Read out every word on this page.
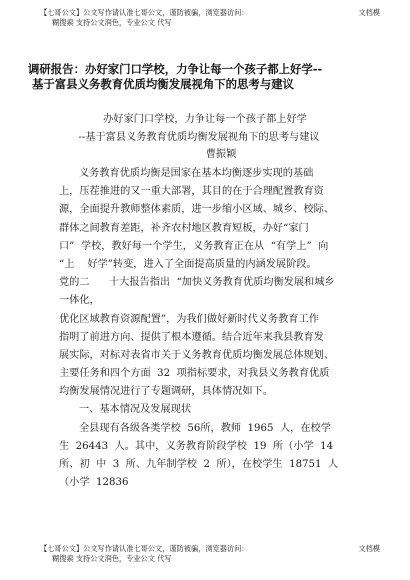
【七哥公文】公文写作请认准七哥公文，谨防被骗，浏览器访问：	文档模
糊搜索 支持公文润色，专业公文 代写
调研报告：办好家门口学校，力争让每一个孩子都上好学--
基于富县义务教育优质均衡发展视角下的思考与建议
办好家门口学校，力争让每一个孩子都上好学
--基于富县义务教育优质均衡发展视角下的思考与建议
曹振颖
义务教育优质均衡是国家在基本均衡逐步实现的基础
上，压茬推进的又一重大部署，其目的在于合理配置教育资
源，全面提升教师整体素质，进一步缩小区域、城乡、校际、
群体之间教育差距，补齐农村地区教育短板，办好“家门
口”  学校，教好每一个学生，义务教育正在从  “有学上”  向
“上    好学”转变，进入了全面提高质量的内涵发展阶段。
党的二      十大报告指出  “加快义务教育优质均衡发展和城乡
一体化，
优化区域教育资源配置”，为我们做好新时代义务教育工作
指明了前进方向、提供了根本遵循。结合近年来我县教育发
展实际，对标对表省市关于义务教育优质均衡发展总体规划、
主要任务和四个方面  32  项指标要求，对我县义务教育优质
均衡发展情况进行了专题调研，具体情况如下。
一、基本情况及发展现状
全县现有各级各类学校  56所，教师  1965  人，在校学
生  26443  人。其中，义务教育阶段学校  19  所（小学  14
所、初  中  3  所、九年制学校  2  所），在校学生  18751  人
（小学  12836
【七哥公文】公文写作请认准七哥公文，谨防被骗，浏览器访问：	文档模
糊搜索 支持公文润色，专业公文 代写
